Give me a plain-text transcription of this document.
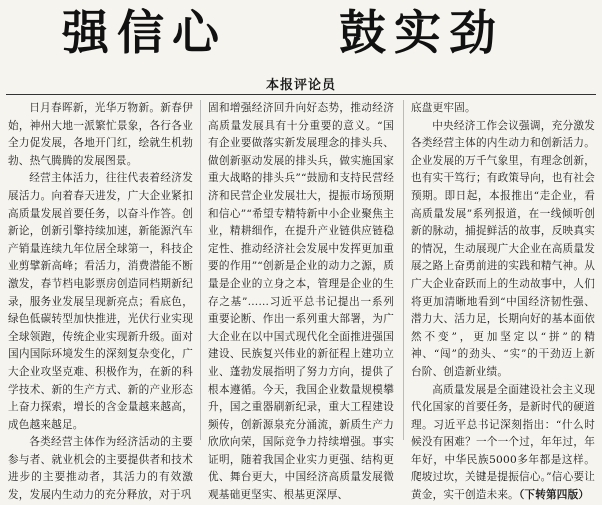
强信心 鼓实劲
本报评论员

日月春晖新，光华万物新。新春伊始，神州大地一派繁忙景象，各行各业全力促发展，各地开门红，绘就生机勃勃、热气腾腾的发展图景。

经营主体活力，往往代表着经济发展活力。向着春天进发，广大企业紧扣高质量发展首要任务，以奋斗作答。创新论，创新引擎持续加速，新能源汽车产销量连续九年位居全球第一，科技企业剪擘新高峰；看活力，消费潜能不断激发，春节档电影票房创造同档期新纪录，服务业发展呈现新亮点；看底色，绿色低碳转型加快推进，光伏行业实现全球领跑，传统企业实现新升级。面对国内国际环境发生的深刻复杂变化，广大企业攻坚克难、积极作为，在新的科学技术、新的生产方式、新的产业形态上奋力探索，增长的含金量越来越高，成色越来越足。

各类经营主体作为经济活动的主要参与者、就业机会的主要提供者和技术进步的主要推动者，其活力的有效激发，发展内生动力的充分释放，对于巩

固和增强经济回升向好态势，推动经济高质量发展具有十分重要的意义。“国有企业要做落实新发展理念的排头兵、做创新驱动发展的排头兵，做实施国家重大战略的排头兵”“鼓励和支持民营经济和民营企业发展壮大，提振市场预期和信心”“希望专精特新中小企业聚焦主业，精耕细作，在提升产业链供应链稳定性、推动经济社会发展中发挥更加重要的作用”“创新是企业的动力之源，质量是企业的立身之本，管理是企业的生存之基”……习近平总书记提出一系列重要论断、作出一系列重大部署，为广大企业在以中国式现代化全面推进强国建设、民族复兴伟业的新征程上建功立业、蓬勃发展指明了努力方向，提供了根本遵循。今天，我国企业数量规模攀升，国之重器刷新纪录，重大工程建设频传，创新源泉充分涌流，新质生产力欣欣向荣，国际竞争力持续增强。事实证明，随着我国企业实力更强、结构更优、舞台更大，中国经济高质量发展微观基础更坚实、根基更深厚、

底盘更牢固。

中央经济工作会议强调，充分激发各类经营主体的内生动力和创新活力。企业发展的万千气象里，有理念创新，也有实干笃行；有政策导向，也有社会预期。即日起，本报推出“走企业，看高质量发展”系列报道，在一线倾听创新的脉动，捕捉鲜活的故事，反映真实的情况，生动展现广大企业在高质量发展之路上奋勇前进的实践和精气神。从广大企业奋跃而上的生动故事中，人们将更加清晰地看到“中国经济韧性强、潜力大、活力足，长期向好的基本面依然不变”，更加坚定以“拼”的精神、“闯”的劲头、“实”的干劲迈上新台阶、创造新业绩。

高质量发展是全面建设社会主义现代化国家的首要任务，是新时代的硬道理。习近平总书记深刻指出：“什么时候没有困难？一个一个过，年年过，年年好，中华民族5000多年都是这样。爬坡过坎，关键是提振信心。”信心要让黄金，实干创造未来。（下转第四版）
